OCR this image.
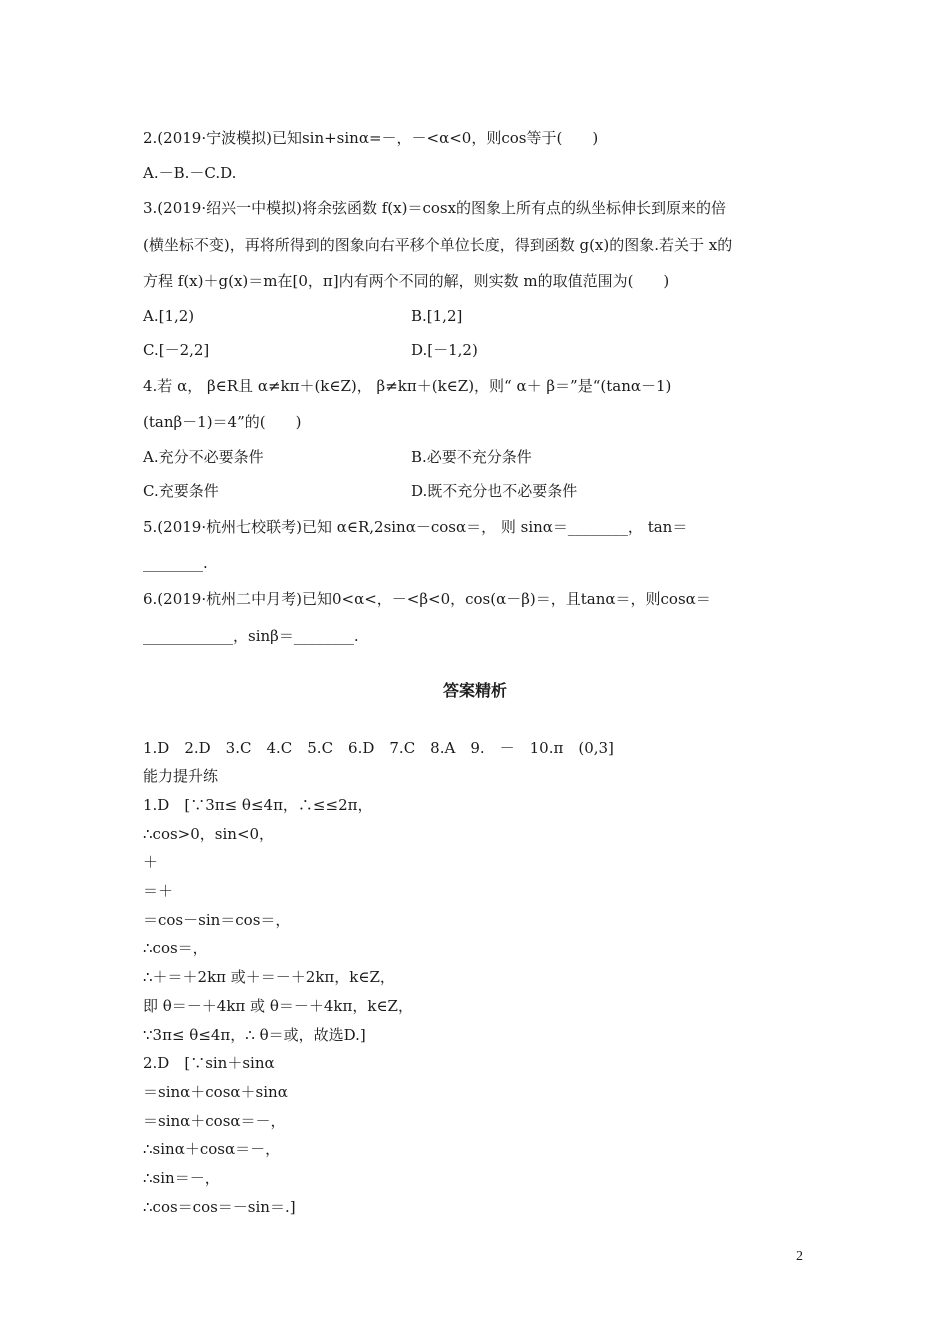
2.(2019·宁波模拟)已知sin+sinα=－，－<α<0，则cos等于(　　)
A.－B.－C.D.
3.(2019·绍兴一中模拟)将余弦函数 f(x)＝cosx的图象上所有点的纵坐标伸长到原来的倍
(横坐标不变)，再将所得到的图象向右平移个单位长度，得到函数 g(x)的图象.若关于 x的
方程 f(x)＋g(x)＝m在[0，π]内有两个不同的解，则实数 m的取值范围为(　　)
A.[1,2)	B.[1,2]
C.[－2,2]	D.[－1,2)
4.若 α， β∈R且 α≠kπ＋(k∈Z)， β≠kπ＋(k∈Z)，则“ α＋ β＝”是“(tanα－1)
(tanβ－1)＝4”的(　　)
A.充分不必要条件	B.必要不充分条件
C.充要条件	D.既不充分也不必要条件
5.(2019·杭州七校联考)已知 α∈R,2sinα－cosα＝， 则 sinα＝________， tan＝
________.
6.(2019·杭州二中月考)已知0<α<，－<β<0，cos(α－β)＝，且tanα＝，则cosα＝
____________，sinβ＝________.
答案精析
1.D　2.D　3.C　4.C　5.C　6.D　7.C　8.A　9.　－　10.π　(0,3]
能力提升练
1.D　[∵3π≤ θ≤4π，∴≤≤2π，
∴cos>0，sin<0，
＋
＝＋
＝cos－sin＝cos＝，
∴cos＝，
∴＋＝＋2kπ 或＋＝－＋2kπ，k∈Z，
即 θ＝－＋4kπ 或 θ＝－＋4kπ，k∈Z，
∵3π≤ θ≤4π，∴ θ＝或，故选D.]
2.D　[∵sin＋sinα
＝sinα＋cosα＋sinα
＝sinα＋cosα＝－，
∴sinα＋cosα＝－，
∴sin＝－，
∴cos＝cos＝－sin＝.]
2
